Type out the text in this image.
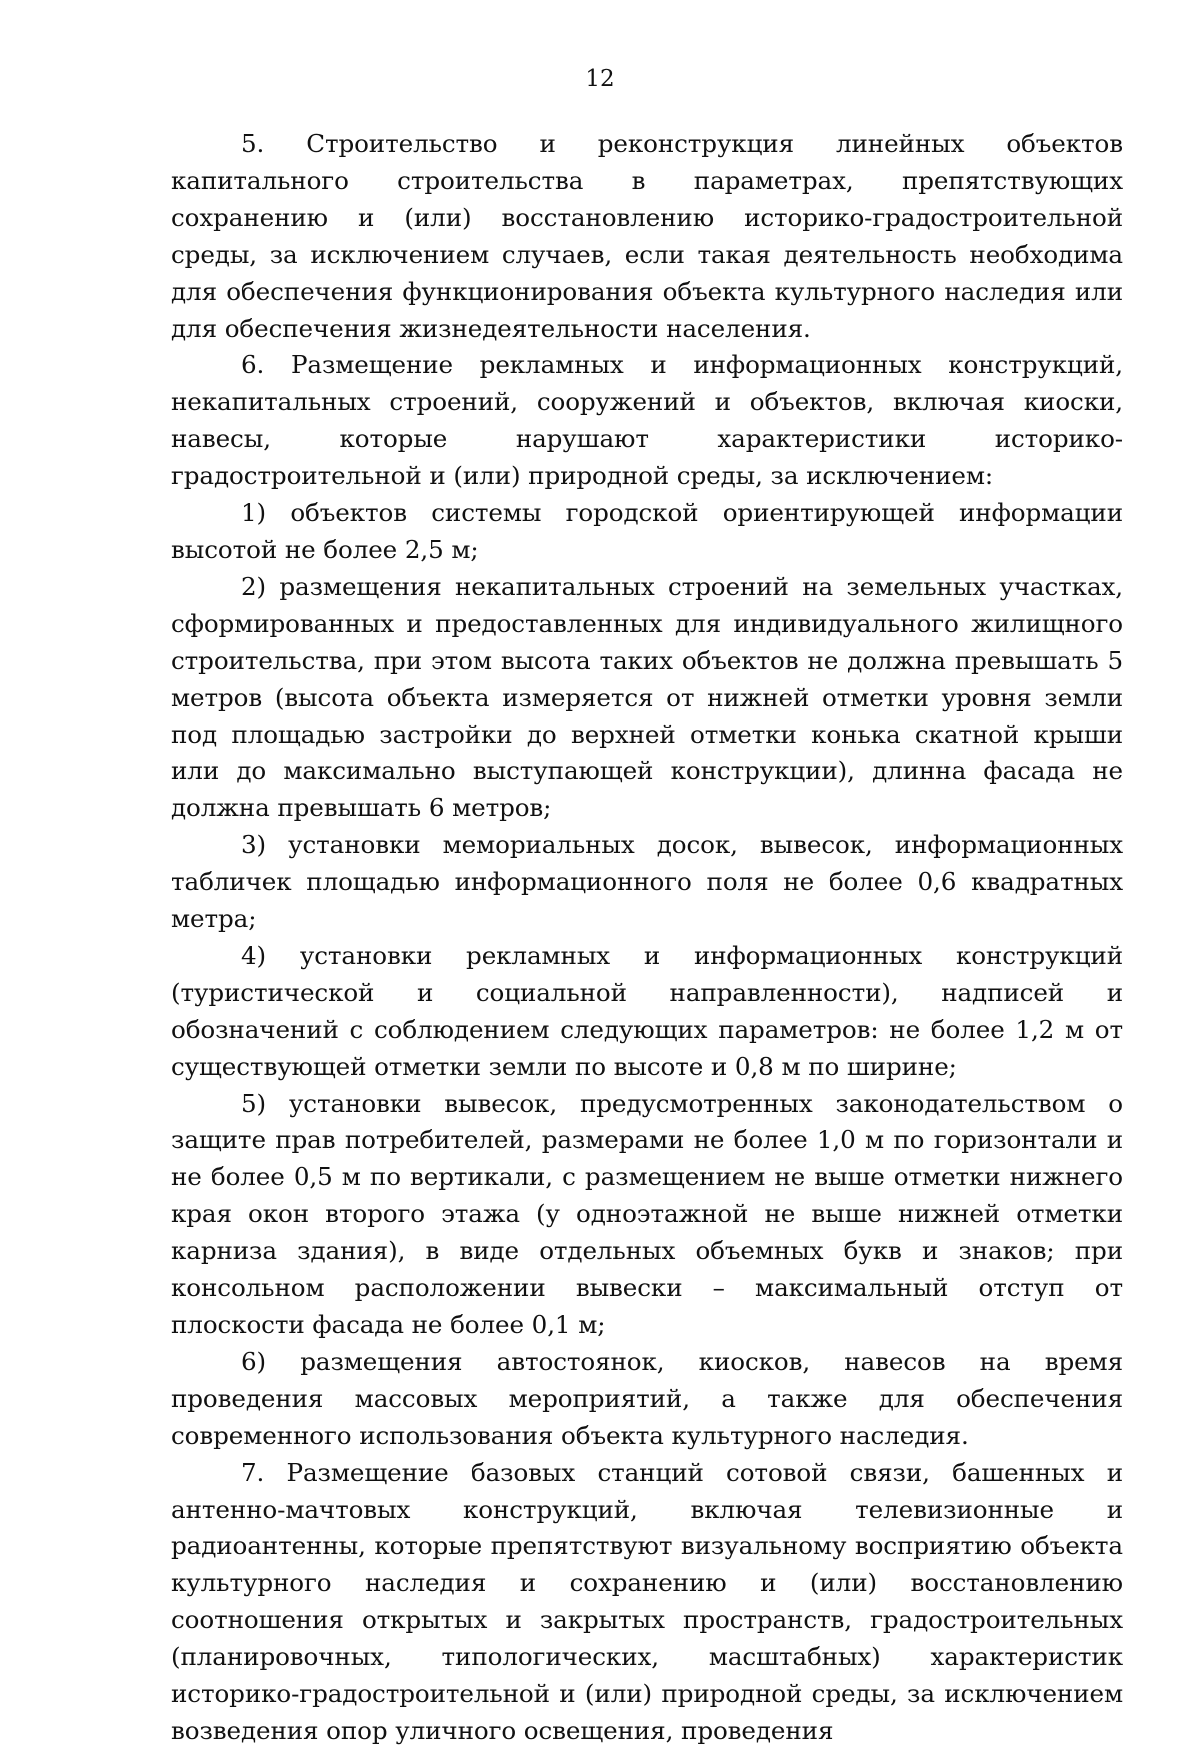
12

5. Строительство и реконструкция линейных объектов капитального строительства в параметрах, препятствующих сохранению и (или) восстановлению историко-градостроительной среды, за исключением случаев, если такая деятельность необходима для обеспечения функционирования объекта культурного наследия или для обеспечения жизнедеятельности населения.

6. Размещение рекламных и информационных конструкций, некапитальных строений, сооружений и объектов, включая киоски, навесы, которые нарушают характеристики историко-градостроительной и (или) природной среды, за исключением:

1) объектов системы городской ориентирующей информации высотой не более 2,5 м;

2) размещения некапитальных строений на земельных участках, сформированных и предоставленных для индивидуального жилищного строительства, при этом высота таких объектов не должна превышать 5 метров (высота объекта измеряется от нижней отметки уровня земли под площадью застройки до верхней отметки конька скатной крыши или до максимально выступающей конструкции), длинна фасада не должна превышать 6 метров;

3) установки мемориальных досок, вывесок, информационных табличек площадью информационного поля не более 0,6 квадратных метра;

4) установки рекламных и информационных конструкций (туристической и социальной направленности), надписей и обозначений с соблюдением следующих параметров: не более 1,2 м от существующей отметки земли по высоте и 0,8 м по ширине;

5) установки вывесок, предусмотренных законодательством о защите прав потребителей, размерами не более 1,0 м по горизонтали и не более 0,5 м по вертикали, с размещением не выше отметки нижнего края окон второго этажа (у одноэтажной не выше нижней отметки карниза здания), в виде отдельных объемных букв и знаков; при консольном расположении вывески – максимальный отступ от плоскости фасада не более 0,1 м;

6) размещения автостоянок, киосков, навесов на время проведения массовых мероприятий, а также для обеспечения современного использования объекта культурного наследия.

7. Размещение базовых станций сотовой связи, башенных и антенно-мачтовых конструкций, включая телевизионные и радиоантенны, которые препятствуют визуальному восприятию объекта культурного наследия и сохранению и (или) восстановлению соотношения открытых и закрытых пространств, градостроительных (планировочных, типологических, масштабных) характеристик историко-градостроительной и (или) природной среды, за исключением возведения опор уличного освещения, проведения
